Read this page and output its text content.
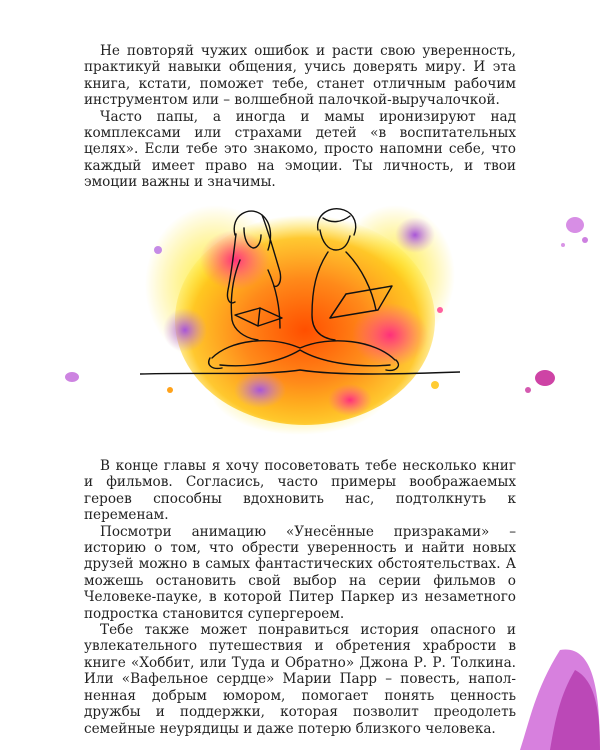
Не повторяй чужих ошибок и расти свою уверенность, практикуй навыки общения, учись доверять миру. И эта книга, кстати, поможет тебе, станет отличным рабочим инструментом или – волшебной палочкой-выручалочкой.

Часто папы, а иногда и мамы иронизируют над комплексами или страхами детей «в воспитательных целях». Если тебе это знакомо, просто напомни себе, что каждый имеет право на эмоции. Ты личность, и твои эмоции важны и значимы.

В конце главы я хочу посоветовать тебе несколько книг и фильмов. Согласись, часто примеры воображаемых героев способны вдохновить нас, подтолкнуть к переменам.

Посмотри анимацию «Унесённые призраками» – историю о том, что обрести уверенность и найти новых друзей можно в самых фантастических обстоятельствах. А можешь остановить свой выбор на серии фильмов о Человеке-пауке, в которой Питер Паркер из незаметного подростка становится супергероем.

Тебе также может понравиться история опасного и увлекательного путешествия и обретения храбрости в книге «Хоббит, или Туда и Обратно» Джона Р. Р. Толкина. Или «Вафельное сердце» Марии Парр – повесть, наполненная добрым юмором, помогает понять ценность дружбы и поддержки, которая позволит преодолеть семейные неурядицы и даже потерю близкого человека.
